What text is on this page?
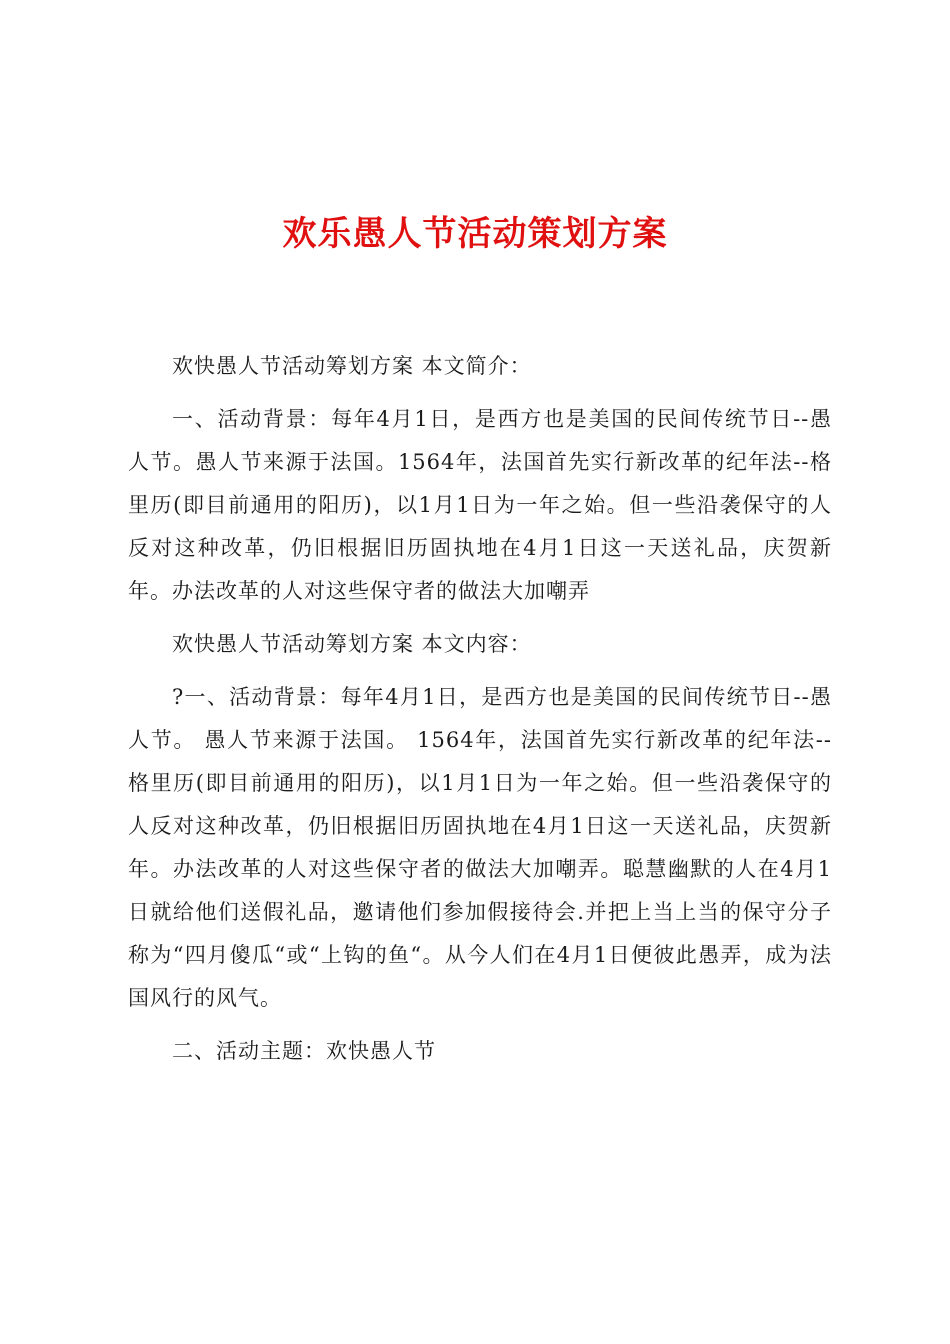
欢乐愚人节活动策划方案

欢快愚人节活动筹划方案 本文简介：

一、活动背景：每年4月1日，是西方也是美国的民间传统节日--愚人节。愚人节来源于法国。1564年，法国首先实行新改革的纪年法--格里历(即目前通用的阳历)，以1月1日为一年之始。但一些沿袭保守的人反对这种改革，仍旧根据旧历固执地在4月1日这一天送礼品，庆贺新年。办法改革的人对这些保守者的做法大加嘲弄

欢快愚人节活动筹划方案 本文内容：

?一、活动背景：每年4月1日，是西方也是美国的民间传统节日--愚人节。 愚人节来源于法国。 1564年，法国首先实行新改革的纪年法--格里历(即目前通用的阳历)，以1月1日为一年之始。但一些沿袭保守的人反对这种改革，仍旧根据旧历固执地在4月1日这一天送礼品，庆贺新年。办法改革的人对这些保守者的做法大加嘲弄。聪慧幽默的人在4月1日就给他们送假礼品，邀请他们参加假接待会.并把上当上当的保守分子称为“四月傻瓜“或“上钩的鱼“。从今人们在4月1日便彼此愚弄，成为法国风行的风气。

二、活动主题：欢快愚人节
